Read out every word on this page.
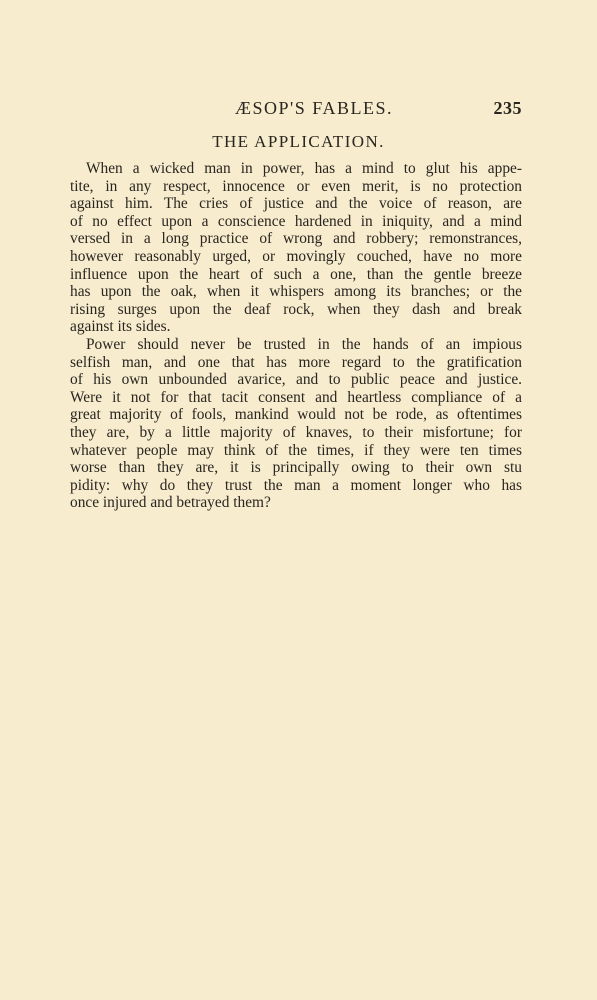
ÆSOP'S FABLES.	235
THE APPLICATION.
When a wicked man in power, has a mind to glut his appe-
tite, in any respect, innocence or even merit, is no protection
against him. The cries of justice and the voice of reason, are
of no effect upon a conscience hardened in iniquity, and a mind
versed in a long practice of wrong and robbery; remonstrances,
however reasonably urged, or movingly couched, have no more
influence upon the heart of such a one, than the gentle breeze
has upon the oak, when it whispers among its branches; or the
rising surges upon the deaf rock, when they dash and break
against its sides.
Power should never be trusted in the hands of an impious
selfish man, and one that has more regard to the gratification
of his own unbounded avarice, and to public peace and justice.
Were it not for that tacit consent and heartless compliance of a
great majority of fools, mankind would not be rode, as oftentimes
they are, by a little majority of knaves, to their misfortune; for
whatever people may think of the times, if they were ten times
worse than they are, it is principally owing to their own stu
pidity: why do they trust the man a moment longer who has
once injured and betrayed them?
